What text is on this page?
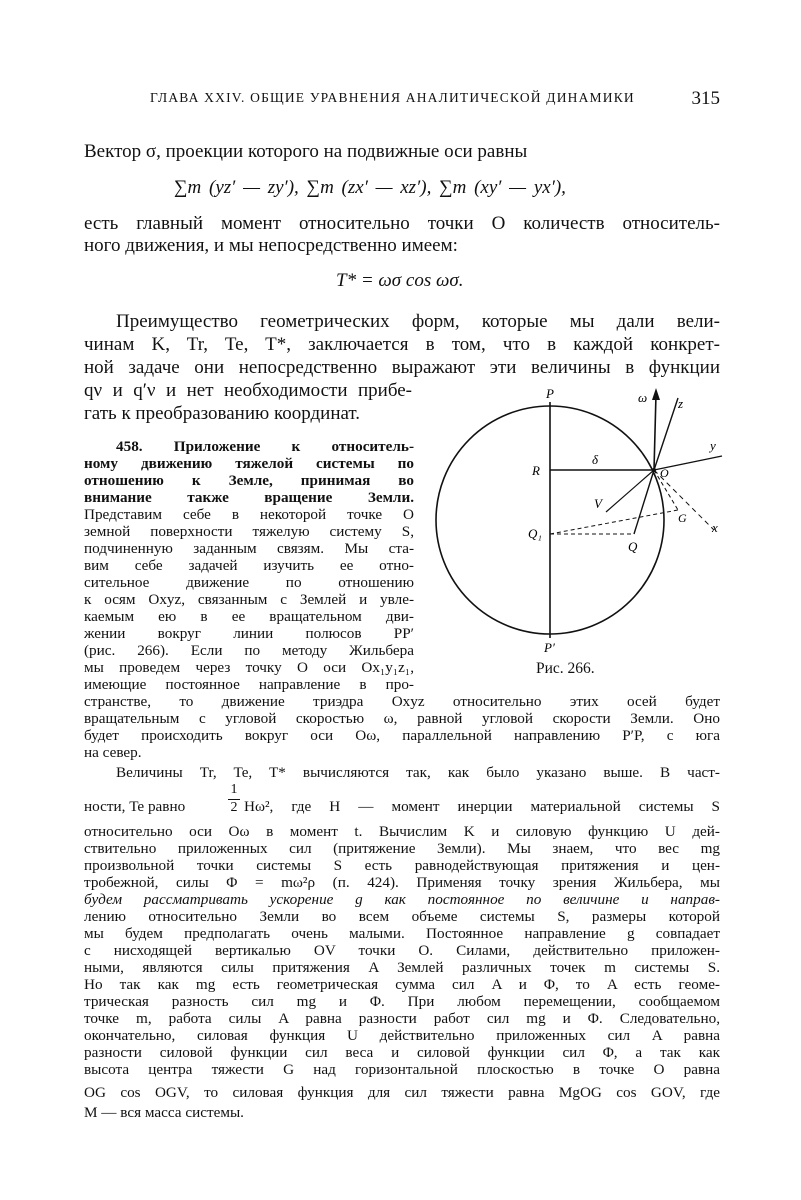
ГЛАВА XXIV. ОБЩИЕ УРАВНЕНИЯ АНАЛИТИЧЕСКОЙ ДИНАМИКИ	315
Вектор σ, проекции которого на подвижные оси равны
∑m (yz′ — zy′), ∑m (zx′ — xz′), ∑m (xy′ — yx′),
есть главный момент относительно точки O количеств относитель-
ного движения, и мы непосредственно имеем:
T* = ωσ cos ωσ.
Преимущество геометрических форм, которые мы дали вели-
чинам K, Tr, Te, T*, заключается в том, что в каждой конкрет-
ной задаче они непосредственно выражают эти величины в функции
qν и q′ν и нет необходимости прибе-
гать к преобразованию координат.
458. Приложение к относитель-
ному движению тяжелой системы по
отношению к Земле, принимая во
внимание также вращение Земли.
Представим себе в некоторой точке O
земной поверхности тяжелую систему S,
подчиненную заданным связям. Мы ста-
вим себе задачей изучить ее отно-
сительное движение по отношению
к осям Oxyz, связанным с Землей и увле-
каемым ею в ее вращательном дви-
жении вокруг линии полюсов PP′
(рис. 266). Если по методу Жильбера
мы проведем через точку O оси Ox₁y₁z₁,
имеющие постоянное направление в про-
странстве, то движение триэдра Oxyz относительно этих осей будет
вращательным с угловой скоростью ω, равной угловой скорости Земли. Оно
будет происходить вокруг оси Oω, параллельной направлению P′P, с юга
на север.
Величины Tr, Te, T* вычисляются так, как было указано выше. В част-
ности, Te равно	$\frac{1}{2} H\omega^2$, где H — момент инерции материальной системы S
относительно оси Oω в момент t. Вычислим K и силовую функцию U дей-
ствительно приложенных сил (притяжение Земли). Мы знаем, что вес mg
произвольной точки системы S есть равнодействующая притяжения и цен-
тробежной, силы Φ = mω²ρ (п. 424). Применяя точку зрения Жильбера, мы
будем рассматривать ускорение g как постоянное по величине и направ-
лению относительно Земли во всем объеме системы S, размеры которой
мы будем предполагать очень малыми. Постоянное направление g совпадает
с нисходящей вертикалью OV точки O. Силами, действительно приложен-
ными, являются силы притяжения A Землей различных точек m системы S.
Но так как mg есть геометрическая сумма сил A и Φ, то A есть геоме-
трическая разность сил mg и Φ. При любом перемещении, сообщаемом
точке m, работа силы A равна разности работ сил mg и Φ. Следовательно,
окончательно, силовая функция U действительно приложенных сил A равна
разности силовой функции сил веса и силовой функции сил Φ, а так как
высота центра тяжести G над горизонтальной плоскостью в точке O равна
OG cos OGV, то силовая функция для сил тяжести равна MgOG cos GOV, где
M — вся масса системы.
P
P′
R
δ
ω z
y
x
O
V
G
Q₁
Q
Рис. 266.
